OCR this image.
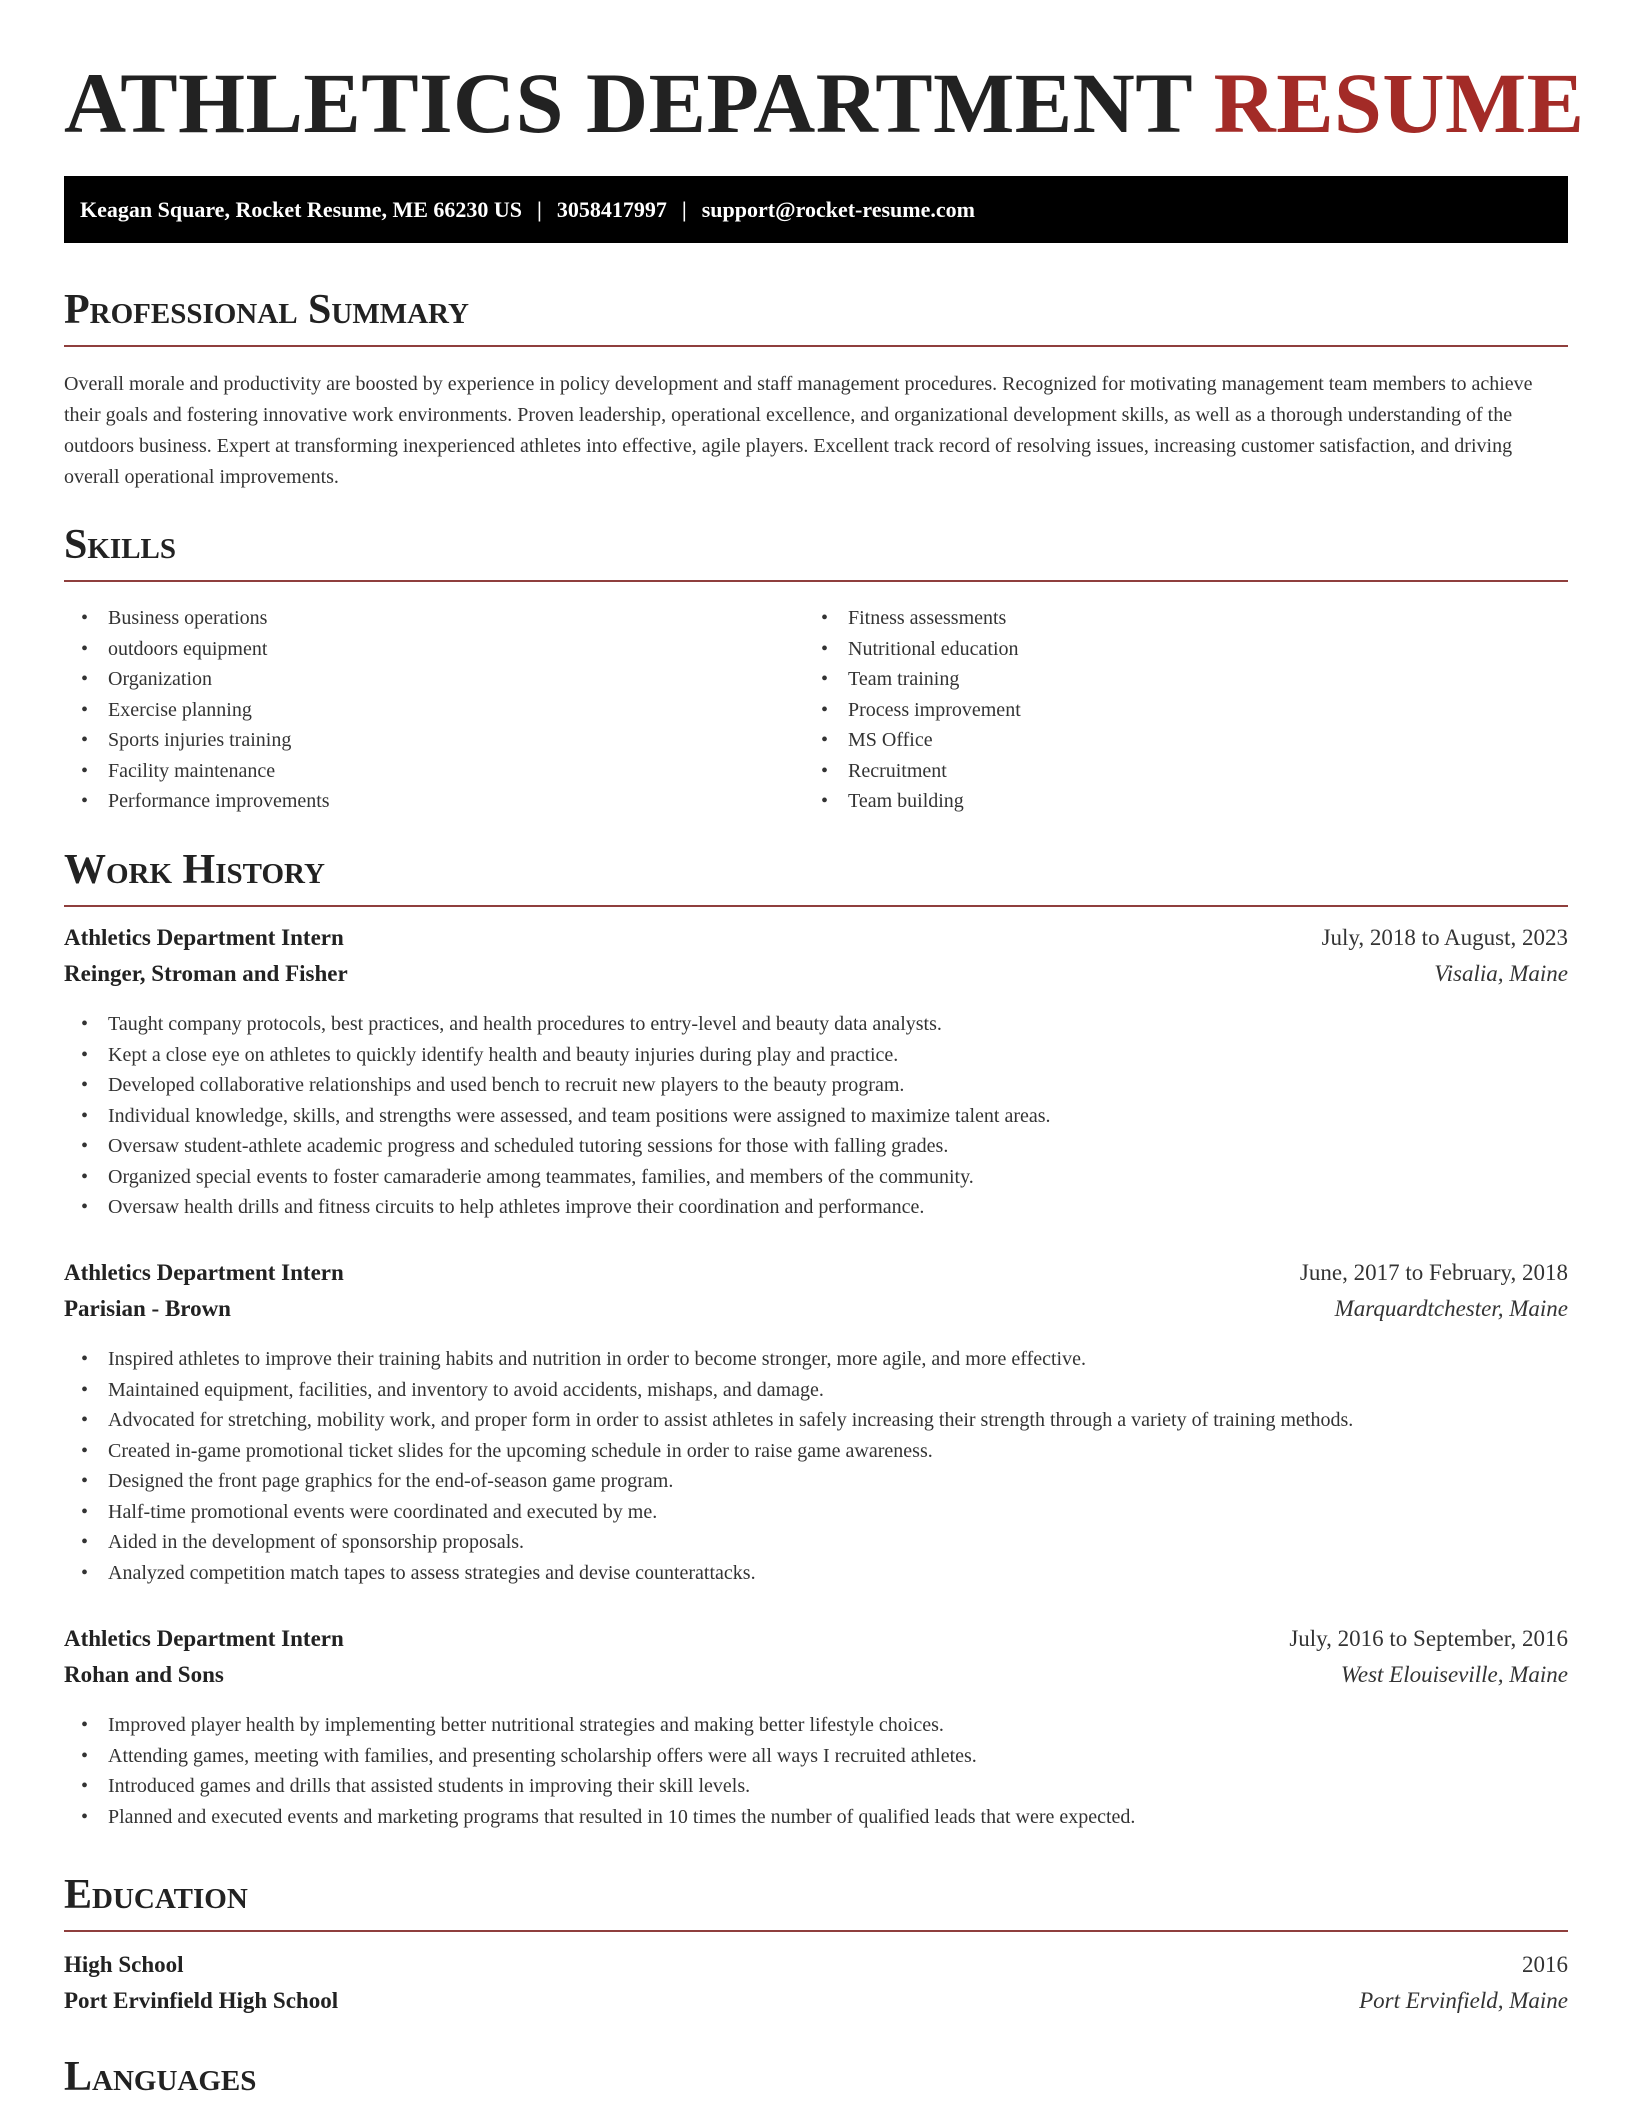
ATHLETICS DEPARTMENT RESUME
Keagan Square, Rocket Resume, ME 66230 US | 3058417997 | support@rocket-resume.com
Professional Summary

Overall morale and productivity are boosted by experience in policy development and staff management procedures. Recognized for motivating management team members to achieve their goals and fostering innovative work environments. Proven leadership, operational excellence, and organizational development skills, as well as a thorough understanding of the outdoors business. Expert at transforming inexperienced athletes into effective, agile players. Excellent track record of resolving issues, increasing customer satisfaction, and driving overall operational improvements.

Skills
• Business operations
• outdoors equipment
• Organization
• Exercise planning
• Sports injuries training
• Facility maintenance
• Performance improvements
• Fitness assessments
• Nutritional education
• Team training
• Process improvement
• MS Office
• Recruitment
• Team building
Work History
Athletics Department Intern	July, 2018 to August, 2023
Reinger, Stroman and Fisher	Visalia, Maine
• Taught company protocols, best practices, and health procedures to entry-level and beauty data analysts.
• Kept a close eye on athletes to quickly identify health and beauty injuries during play and practice.
• Developed collaborative relationships and used bench to recruit new players to the beauty program.
• Individual knowledge, skills, and strengths were assessed, and team positions were assigned to maximize talent areas.
• Oversaw student-athlete academic progress and scheduled tutoring sessions for those with falling grades.
• Organized special events to foster camaraderie among teammates, families, and members of the community.
• Oversaw health drills and fitness circuits to help athletes improve their coordination and performance.
Athletics Department Intern	June, 2017 to February, 2018
Parisian - Brown	Marquardtchester, Maine
• Inspired athletes to improve their training habits and nutrition in order to become stronger, more agile, and more effective.
• Maintained equipment, facilities, and inventory to avoid accidents, mishaps, and damage.
• Advocated for stretching, mobility work, and proper form in order to assist athletes in safely increasing their strength through a variety of training methods.
• Created in-game promotional ticket slides for the upcoming schedule in order to raise game awareness.
• Designed the front page graphics for the end-of-season game program.
• Half-time promotional events were coordinated and executed by me.
• Aided in the development of sponsorship proposals.
• Analyzed competition match tapes to assess strategies and devise counterattacks.
Athletics Department Intern	July, 2016 to September, 2016
Rohan and Sons	West Elouiseville, Maine
• Improved player health by implementing better nutritional strategies and making better lifestyle choices.
• Attending games, meeting with families, and presenting scholarship offers were all ways I recruited athletes.
• Introduced games and drills that assisted students in improving their skill levels.
• Planned and executed events and marketing programs that resulted in 10 times the number of qualified leads that were expected.
Education
High School	2016
Port Ervinfield High School	Port Ervinfield, Maine
Languages
